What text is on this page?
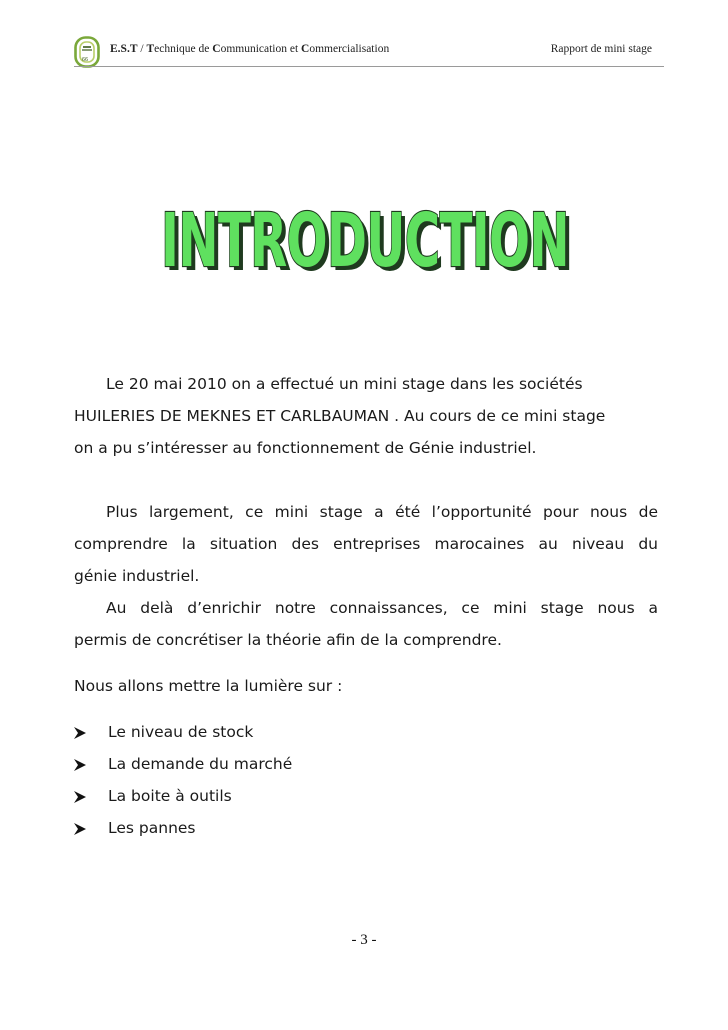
66
E.S.T / Technique de Communication et Commercialisation	Rapport de mini stage
INTRODUCTION
INTRODUCTION
Le 20 mai 2010 on a effectué un mini stage dans les sociétés
HUILERIES DE MEKNES ET CARLBAUMAN . Au cours de ce mini stage
on a pu s’intéresser au fonctionnement de Génie industriel.
Plus largement, ce mini stage a été l’opportunité pour nous de
comprendre la situation des entreprises marocaines au niveau du
génie industriel.
Au delà d’enrichir notre connaissances, ce mini stage nous a
permis de concrétiser la théorie afin de la comprendre.
Nous allons mettre la lumière sur :
Le niveau de stock
La demande du marché
La boite à outils
Les pannes
- 3 -
